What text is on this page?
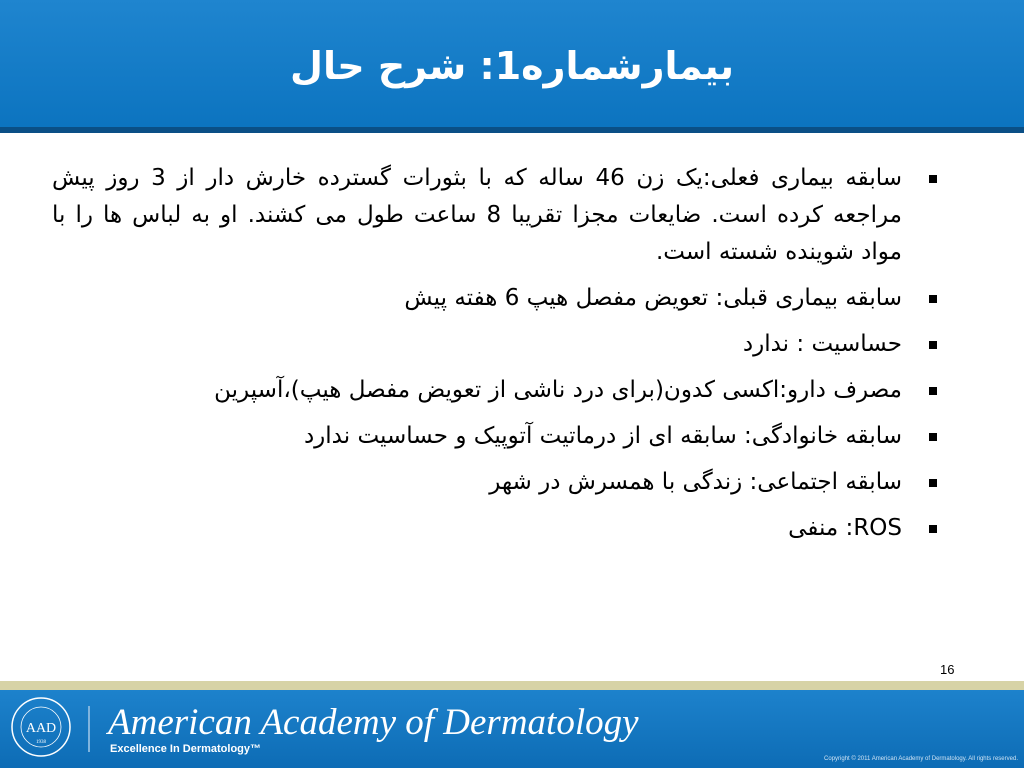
بیمارشماره1: شرح حال
سابقه بیماری فعلی:یک زن 46 ساله که با بثورات گسترده خارش دار از 3 روز پیش مراجعه کرده است. ضایعات مجزا تقریبا 8 ساعت طول می کشند. او به لباس ها را با مواد شوینده شسته است.
سابقه بیماری قبلی: تعویض مفصل هیپ 6 هفته پیش
حساسیت : ندارد
مصرف دارو:اکسی کدون(برای درد ناشی از تعویض مفصل هیپ)،آسپرین
سابقه خانوادگی: سابقه ای از درماتیت آتوپیک و حساسیت ندارد
سابقه اجتماعی: زندگی با همسرش در شهر
ROS: منفی
16
AAD
1938 American Academy of Dermatology
Excellence In Dermatology™
Copyright © 2011 American Academy of Dermatology. All rights reserved.
